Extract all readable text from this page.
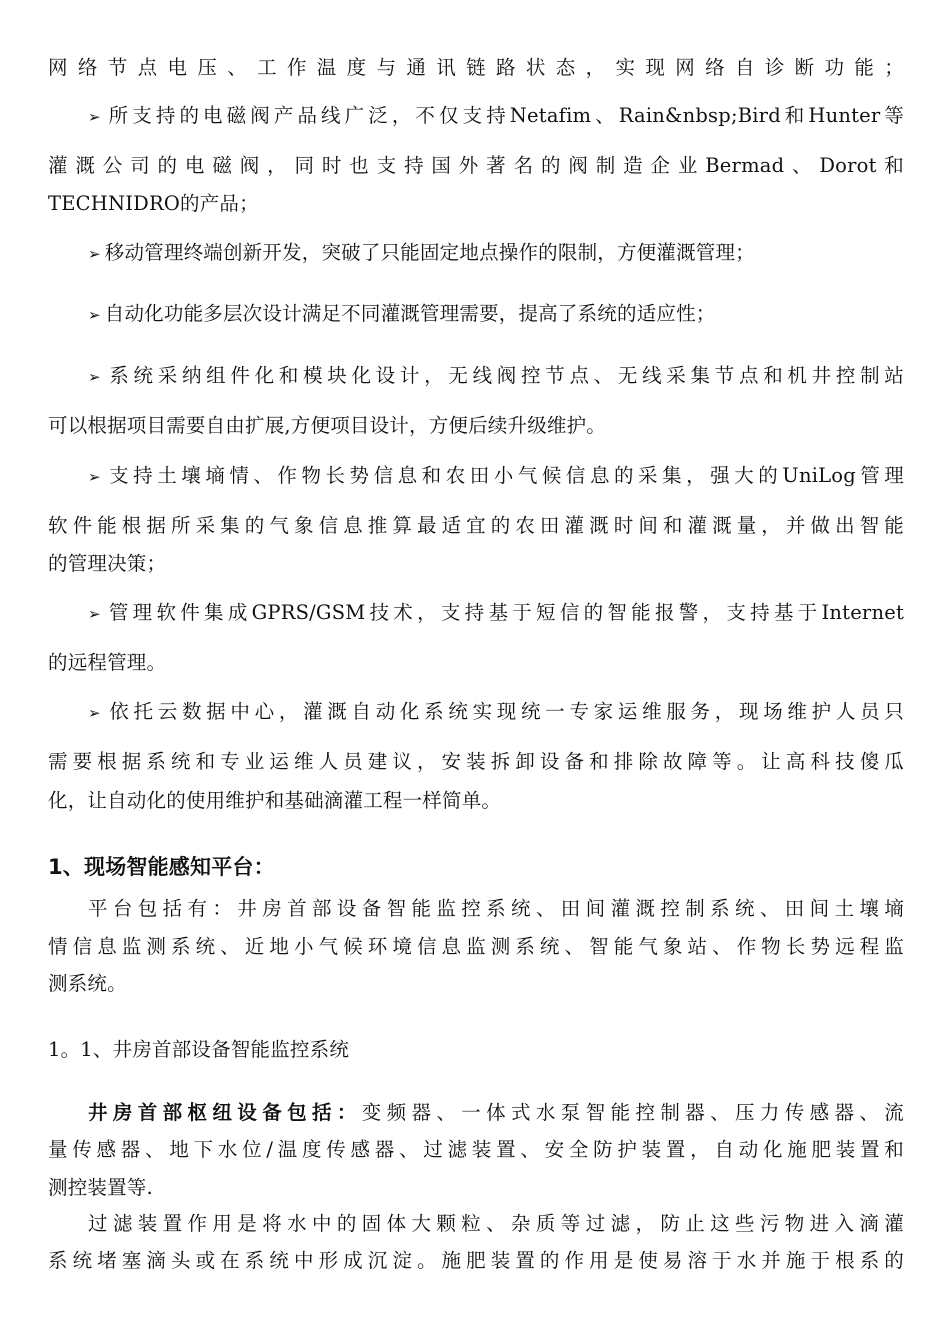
网络节点电压、工作温度与通讯链路状态，实现网络自诊断功能；
➢ 所支持的电磁阀产品线广泛，不仅支持Netafim、Rain&nbsp;Bird和Hunter等
灌溉公司的电磁阀，同时也支持国外著名的阀制造企业Bermad、Dorot和
TECHNIDRO的产品；
➢ 移动管理终端创新开发，突破了只能固定地点操作的限制，方便灌溉管理；
➢ 自动化功能多层次设计满足不同灌溉管理需要，提高了系统的适应性；
➢ 系统采纳组件化和模块化设计，无线阀控节点、无线采集节点和机井控制站
可以根据项目需要自由扩展,方便项目设计，方便后续升级维护。
➢ 支持土壤墒情、作物长势信息和农田小气候信息的采集，强大的UniLog管理
软件能根据所采集的气象信息推算最适宜的农田灌溉时间和灌溉量，并做出智能
的管理决策；
➢ 管理软件集成GPRS/GSM技术，支持基于短信的智能报警，支持基于Internet
的远程管理。
➢ 依托云数据中心，灌溉自动化系统实现统一专家运维服务，现场维护人员只
需要根据系统和专业运维人员建议，安装拆卸设备和排除故障等。让高科技傻瓜
化，让自动化的使用维护和基础滴灌工程一样简单。
1、现场智能感知平台：
平台包括有：井房首部设备智能监控系统、田间灌溉控制系统、田间土壤墒
情信息监测系统、近地小气候环境信息监测系统、智能气象站、作物长势远程监
测系统。
1。1、井房首部设备智能监控系统
井房首部枢纽设备包括：变频器、一体式水泵智能控制器、压力传感器、流
量传感器、地下水位/温度传感器、过滤装置、安全防护装置，自动化施肥装置和
测控装置等.
过滤装置作用是将水中的固体大颗粒、杂质等过滤，防止这些污物进入滴灌
系统堵塞滴头或在系统中形成沉淀。施肥装置的作用是使易溶于水并施于根系的
